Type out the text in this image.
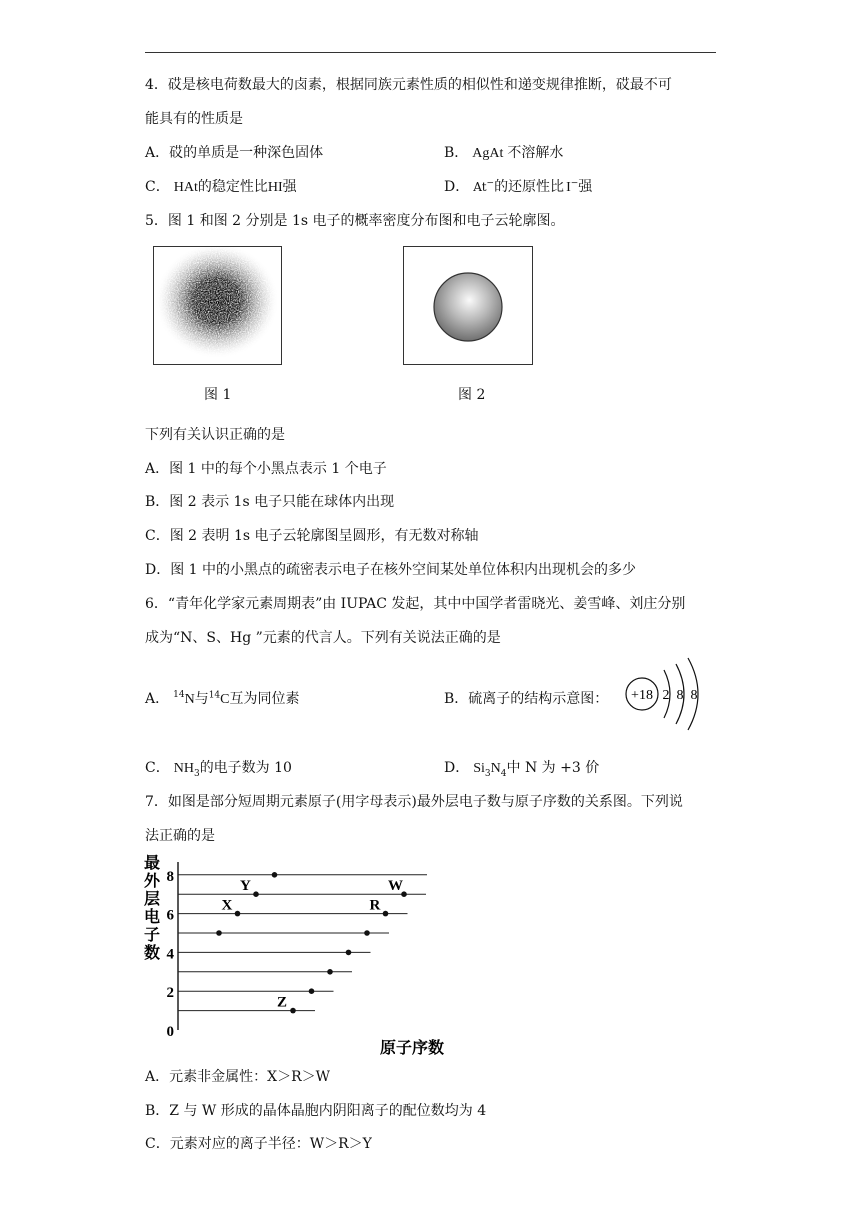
4．砹是核电荷数最大的卤素，根据同族元素性质的相似性和递变规律推断，砹最不可
能具有的性质是
A．砹的单质是一种深色固体	B． AgAt 不溶解水
C． HAt的稳定性比HI强	D． At−的还原性比 I−强
5．图 1 和图 2 分别是 1s 电子的概率密度分布图和电子云轮廓图。
图 1	图 2
下列有关认识正确的是
A．图 1 中的每个小黑点表示 1 个电子
B．图 2 表示 1s 电子只能在球体内出现
C．图 2 表明 1s 电子云轮廓图呈圆形，有无数对称轴
D．图 1 中的小黑点的疏密表示电子在核外空间某处单位体积内出现机会的多少
6．“青年化学家元素周期表”由 IUPAC 发起，其中中国学者雷晓光、姜雪峰、刘庄分别
成为“N、S、Hg ”元素的代言人。下列有关说法正确的是
A． $^{14}$N与$^{14}$C互为同位素	B．硫离子的结构示意图： +18 2 8 8
C． $NH_3$的电子数为 10	D． $Si_3N_4$中 N 为 +3 价
7．如图是部分短周期元素原子(用字母表示)最外层电子数与原子序数的关系图。下列说
法正确的是
最
外
层
电
子
数
0
2
4
6
8
X
Y
Z
R
W
原子序数
A．元素非金属性：X＞R＞W
B．Z 与 W 形成的晶体晶胞内阴阳离子的配位数均为 4
C．元素对应的离子半径：W＞R＞Y
